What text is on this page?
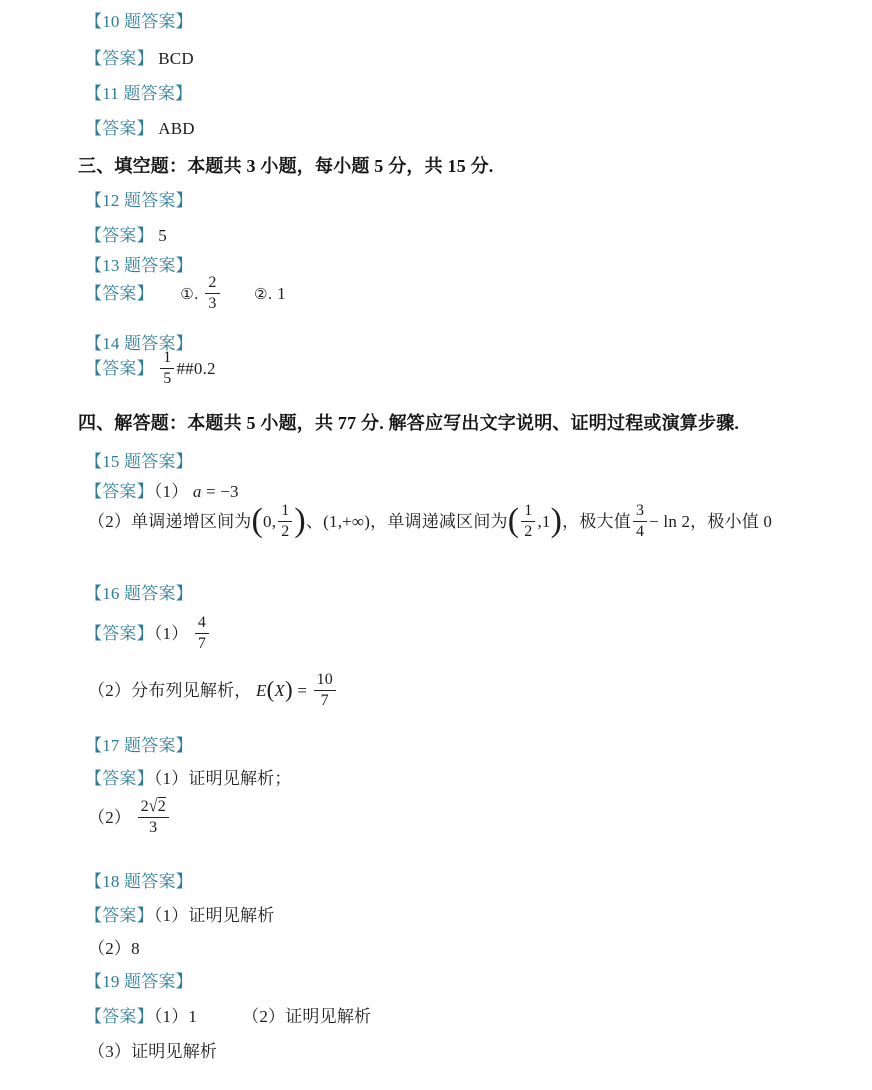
【10 题答案】
【答案】 BCD
【11 题答案】
【答案】 ABD
三、填空题：本题共 3 小题，每小题 5 分，共 15 分.
【12 题答案】
【答案】 5
【13 题答案】
【答案】 ①. $\frac{2}{3}$ ②. 1
【14 题答案】
【答案】 $\frac{1}{5}$ ##0.2
四、解答题：本题共 5 小题，共 77 分. 解答应写出文字说明、证明过程或演算步骤.
【15 题答案】
【答案】（1） a = −3
（2）单调递增区间为(0, $\frac{1}{2}$ )、(1,+∞)，单调递减区间为( $\frac{1}{2} ,1$)，极大值 $\frac{3}{4} - \ln 2$，极小值 0
【16 题答案】
【答案】$(1) \frac{4}{7}$
（2）分布列见解析， $E(X) = \frac{10}{7}$
【17 题答案】
【答案】（1）证明见解析；
$(2) \frac{2√2}{3}$
【18 题答案】
【答案】（1）证明见解析
（2）8
【19 题答案】
【答案】（1）1	（2）证明见解析
（3）证明见解析
